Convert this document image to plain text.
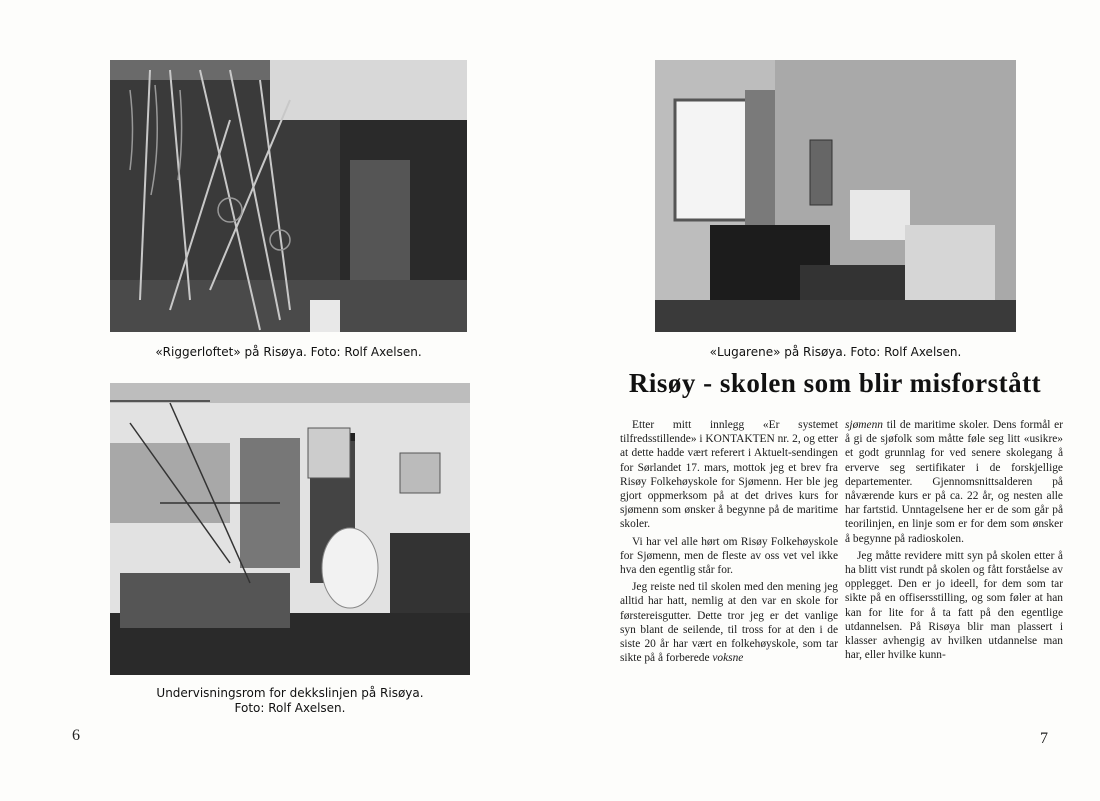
«Riggerloftet» på Risøya. Foto: Rolf Axelsen.
Undervisningsrom for dekkslinjen på Risøya.
Foto: Rolf Axelsen.
6
«Lugarene» på Risøya. Foto: Rolf Axelsen.
Risøy - skolen som blir misforstått

Etter mitt innlegg «Er systemet tilfredsstillende» i KONTAKTEN nr. 2, og etter at dette hadde vært referert i Aktuelt-sendingen for Sørlandet 17. mars, mottok jeg et brev fra Risøy Folkehøyskole for Sjømenn. Her ble jeg gjort oppmerksom på at det drives kurs for sjømenn som ønsker å begynne på de maritime skoler.

Vi har vel alle hørt om Risøy Folkehøyskole for Sjømenn, men de fleste av oss vet vel ikke hva den egentlig står for.

Jeg reiste ned til skolen med den mening jeg alltid har hatt, nemlig at den var en skole for førstereisgutter. Dette tror jeg er det vanlige syn blant de seilende, til tross for at den i de siste 20 år har vært en folkehøyskole, som tar sikte på å forberede voksne

sjømenn til de maritime skoler. Dens formål er å gi de sjøfolk som måtte føle seg litt «usikre» et godt grunnlag for ved senere skolegang å erverve seg sertifikater i de forskjellige departementer. Gjennomsnittsalderen på nåværende kurs er på ca. 22 år, og nesten alle har fartstid. Unntagelsene her er de som går på teorilinjen, en linje som er for dem som ønsker å begynne på radioskolen.

Jeg måtte revidere mitt syn på skolen etter å ha blitt vist rundt på skolen og fått forståelse av opplegget. Den er jo ideell, for dem som tar sikte på en offisersstilling, og som føler at han kan for lite for å ta fatt på den egentlige utdannelsen. På Risøya blir man plassert i klasser avhengig av hvilken utdannelse man har, eller hvilke kunn-

7
